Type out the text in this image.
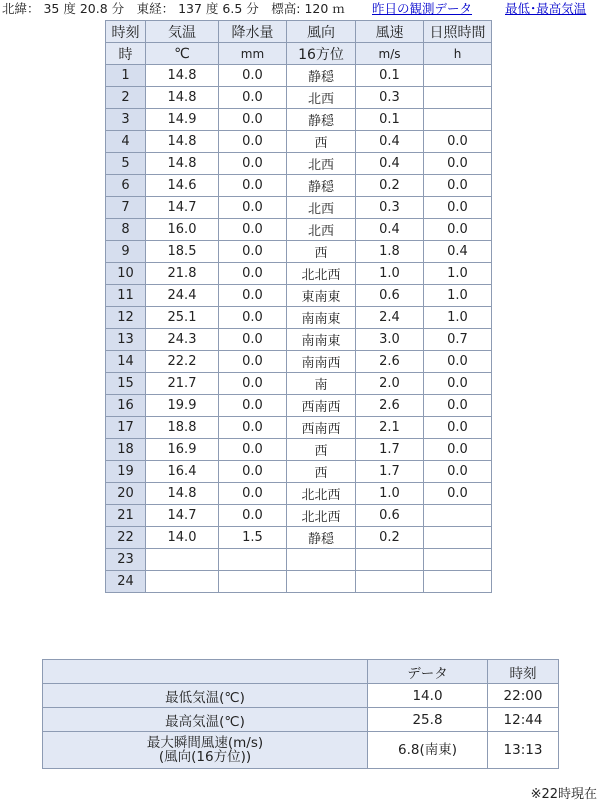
北緯： 35 度 20.8 分　東経： 137 度 6.5 分　標高: 120 ｍ 昨日の観測データ	最低･最高気温
時刻	気温	降水量	風向	風速	日照時間
時	℃	mm	16方位	m/s	h
1	14.8	0.0	静穏	0.1	
2	14.8	0.0	北西	0.3	
3	14.9	0.0	静穏	0.1	
4	14.8	0.0	西	0.4	0.0
5	14.8	0.0	北西	0.4	0.0
6	14.6	0.0	静穏	0.2	0.0
7	14.7	0.0	北西	0.3	0.0
8	16.0	0.0	北西	0.4	0.0
9	18.5	0.0	西	1.8	0.4
10	21.8	0.0	北北西	1.0	1.0
11	24.4	0.0	東南東	0.6	1.0
12	25.1	0.0	南南東	2.4	1.0
13	24.3	0.0	南南東	3.0	0.7
14	22.2	0.0	南南西	2.6	0.0
15	21.7	0.0	南	2.0	0.0
16	19.9	0.0	西南西	2.6	0.0
17	18.8	0.0	西南西	2.1	0.0
18	16.9	0.0	西	1.7	0.0
19	16.4	0.0	西	1.7	0.0
20	14.8	0.0	北北西	1.0	0.0
21	14.7	0.0	北北西	0.6	
22	14.0	1.5	静穏	0.2	
23					
24					
	データ	時刻
最低気温(℃)	14.0	22:00
最高気温(℃)	25.8	12:44

最大瞬間風速(m/s)
(風向(16方位))	6.8(南東)	13:13
※22時現在
